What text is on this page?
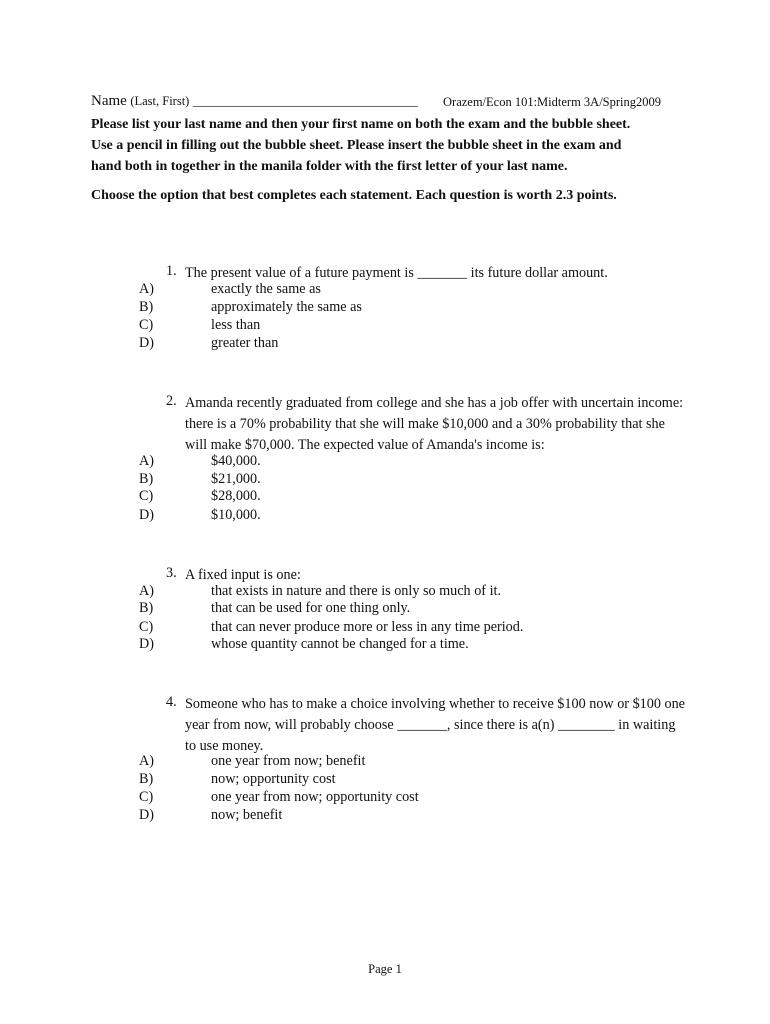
Name (Last, First) ____________________________________ Orazem/Econ 101:Midterm 3A/Spring2009

Please list your last name and then your first name on both the exam and the bubble sheet.

Use a pencil in filling out the bubble sheet. Please insert the bubble sheet in the exam and

hand both in together in the manila folder with the first letter of your last name.

Choose the option that best completes each statement. Each question is worth 2.3 points.
1. The present value of a future payment is _______ its future dollar amount.
A)	exactly the same as
B)	approximately the same as
C)	less than
D)	greater than
2. Amanda recently graduated from college and she has a job offer with uncertain income:
there is a 70% probability that she will make $10,000 and a 30% probability that she
will make $70,000. The expected value of Amanda's income is:
A)	$40,000.
B)	$21,000.
C)	$28,000.
D)	$10,000.
3. A fixed input is one:
A)	that exists in nature and there is only so much of it.
B)	that can be used for one thing only.
C)	that can never produce more or less in any time period.
D)	whose quantity cannot be changed for a time.
4. Someone who has to make a choice involving whether to receive $100 now or $100 one
year from now, will probably choose _______, since there is a(n) ________ in waiting
to use money.
A)	one year from now; benefit
B)	now; opportunity cost
C)	one year from now; opportunity cost
D)	now; benefit
Page 1
